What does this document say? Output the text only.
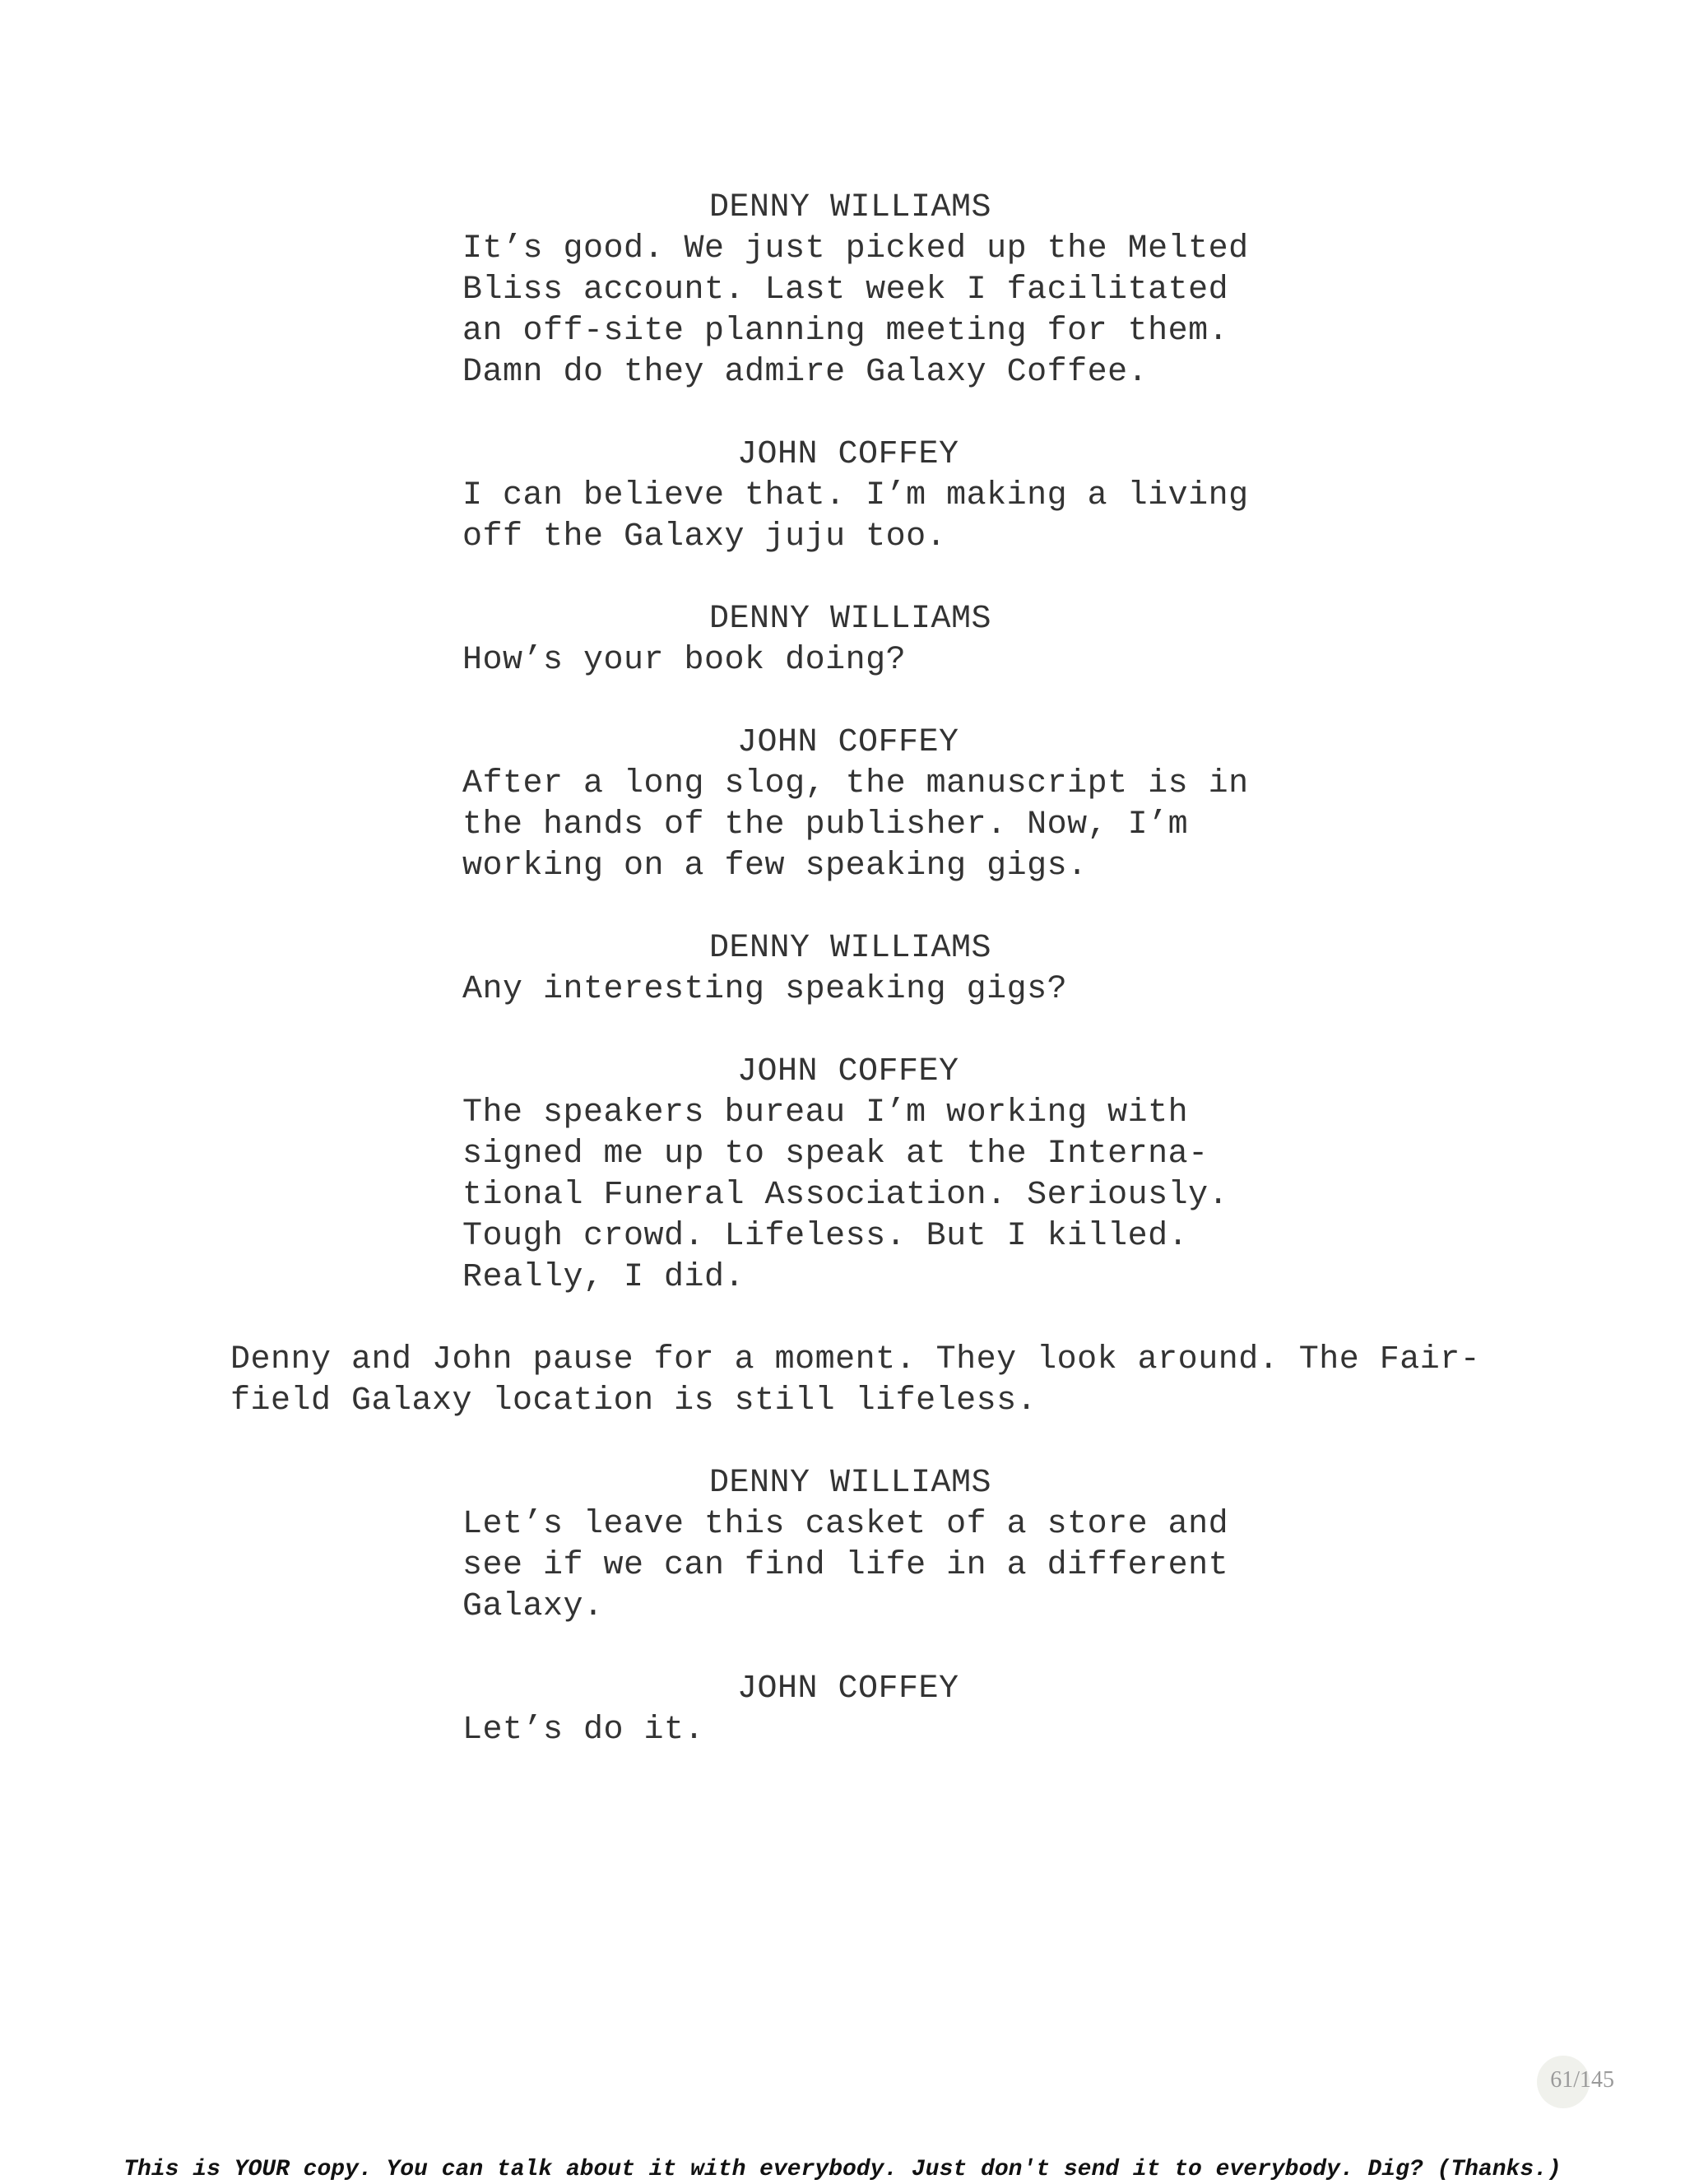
DENNY WILLIAMS
It’s good. We just picked up the Melted
Bliss account. Last week I facilitated
an off-site planning meeting for them.
Damn do they admire Galaxy Coffee.
JOHN COFFEY
I can believe that. I’m making a living
off the Galaxy juju too.
DENNY WILLIAMS
How’s your book doing?
JOHN COFFEY
After a long slog, the manuscript is in
the hands of the publisher. Now, I’m
working on a few speaking gigs.
DENNY WILLIAMS
Any interesting speaking gigs?
JOHN COFFEY
The speakers bureau I’m working with
signed me up to speak at the Interna-
tional Funeral Association. Seriously.
Tough crowd. Lifeless. But I killed.
Really, I did.
Denny and John pause for a moment. They look around. The Fair-
field Galaxy location is still lifeless.
DENNY WILLIAMS
Let’s leave this casket of a store and
see if we can find life in a different
Galaxy.
JOHN COFFEY
Let’s do it.
61/145
This is YOUR copy. You can talk about it with everybody. Just don't send it to everybody. Dig? (Thanks.)
